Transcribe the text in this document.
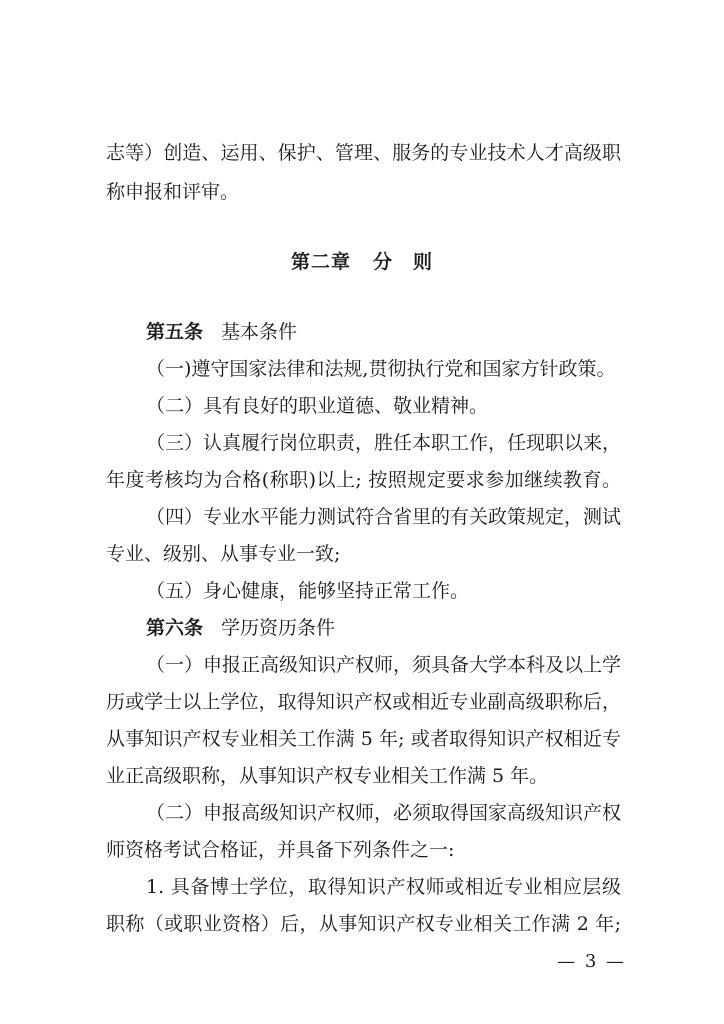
志等）创造、运用、保护、管理、服务的专业技术人才高级职
称申报和评审。
第二章 分　则
第五条 基本条件
（一)遵守国家法律和法规,贯彻执行党和国家方针政策。
（二）具有良好的职业道德、敬业精神。
（三）认真履行岗位职责，胜任本职工作，任现职以来，
年度考核均为合格(称职)以上; 按照规定要求参加继续教育。
（四）专业水平能力测试符合省里的有关政策规定，测试
专业、级别、从事专业一致;
（五）身心健康，能够坚持正常工作。
第六条 学历资历条件
（一）申报正高级知识产权师，须具备大学本科及以上学
历或学士以上学位，取得知识产权或相近专业副高级职称后，
从事知识产权专业相关工作满 5 年; 或者取得知识产权相近专
业正高级职称，从事知识产权专业相关工作满 5 年。
（二）申报高级知识产权师，必须取得国家高级知识产权
师资格考试合格证，并具备下列条件之一:
1. 具备博士学位，取得知识产权师或相近专业相应层级
职称（或职业资格）后，从事知识产权专业相关工作满 2 年;
— 3 —
